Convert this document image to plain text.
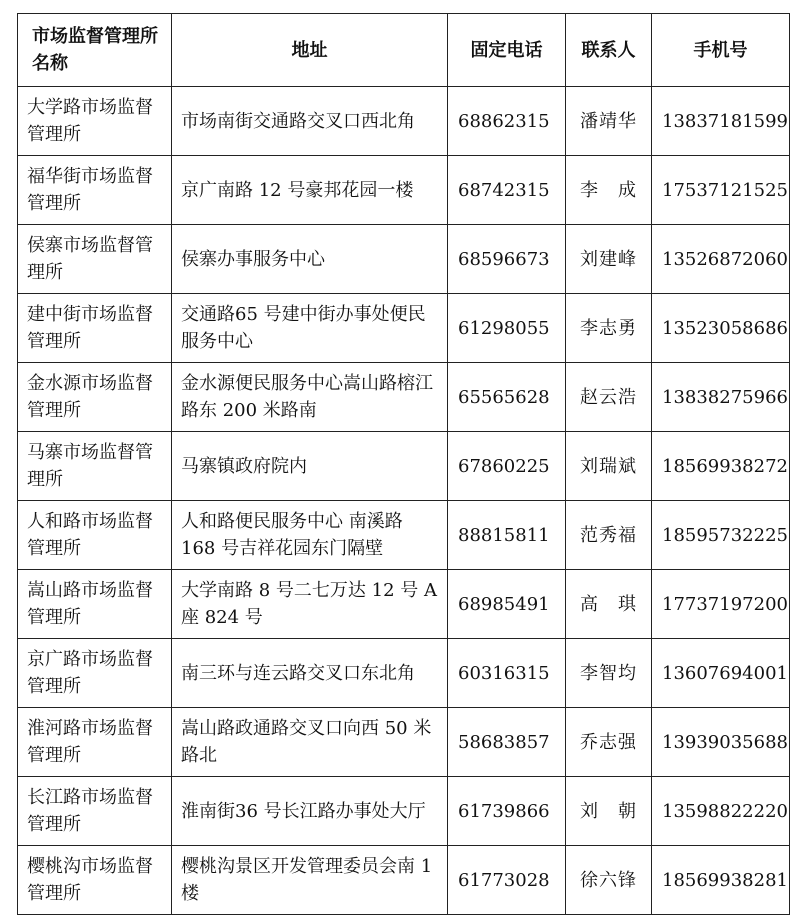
市场监督管理所名称	地址	固定电话	联系人	手机号
大学路市场监督管理所	市场南街交通路交叉口西北角	68862315	潘靖华	13837181599
福华街市场监督管理所	京广南路 12 号豪邦花园一楼	68742315	李　成	17537121525
侯寨市场监督管理所	侯寨办事服务中心	68596673	刘建峰	13526872060
建中街市场监督管理所	交通路65 号建中街办事处便民服务中心	61298055	李志勇	13523058686
金水源市场监督管理所	金水源便民服务中心嵩山路榕江路东 200 米路南	65565628	赵云浩	13838275966
马寨市场监督管理所	马寨镇政府院内	67860225	刘瑞斌	18569938272
人和路市场监督管理所	人和路便民服务中心 南溪路 168 号吉祥花园东门隔壁	88815811	范秀福	18595732225
嵩山路市场监督管理所	大学南路 8 号二七万达 12 号 A 座 824 号	68985491	高　琪	17737197200
京广路市场监督管理所	南三环与连云路交叉口东北角	60316315	李智均	13607694001
淮河路市场监督管理所	嵩山路政通路交叉口向西 50 米路北	58683857	乔志强	13939035688
长江路市场监督管理所	淮南街36 号长江路办事处大厅	61739866	刘　朝	13598822220
樱桃沟市场监督管理所	樱桃沟景区开发管理委员会南 1 楼	61773028	徐六锋	18569938281
